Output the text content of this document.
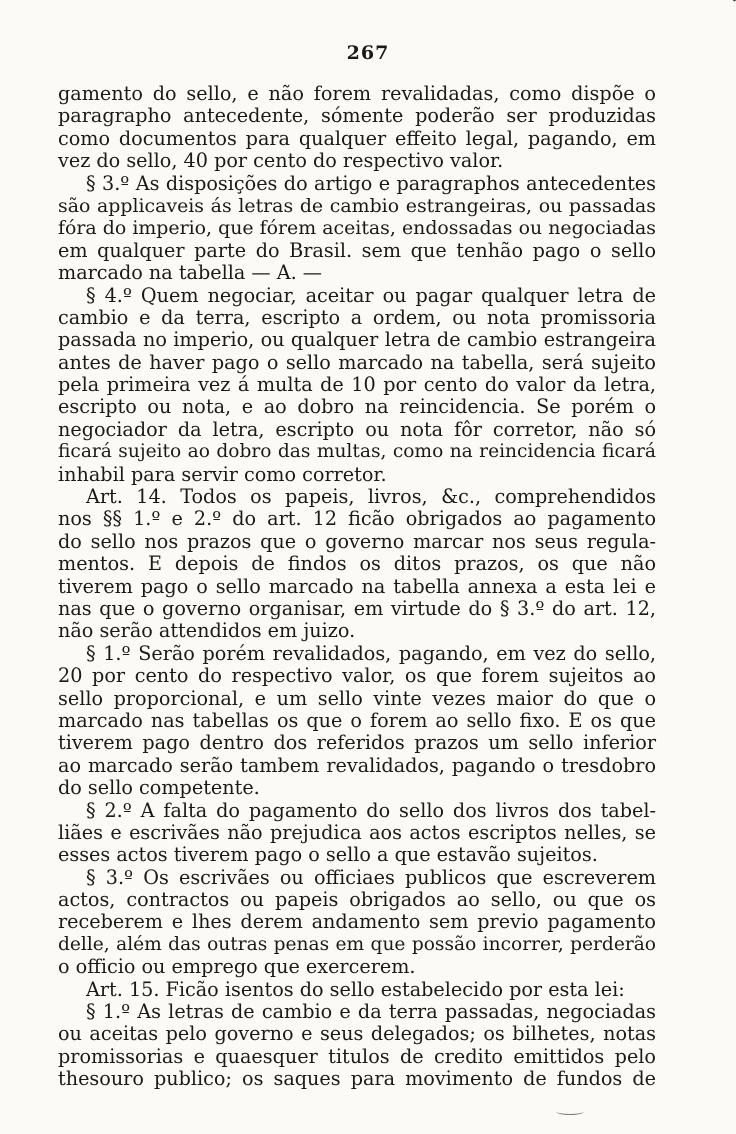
267
gamento do sello, e não forem revalidadas, como dispõe o
paragrapho antecedente, sómente poderão ser produzidas
como documentos para qualquer effeito legal, pagando, em
vez do sello, 40 por cento do respectivo valor.
§ 3.º As disposições do artigo e paragraphos antecedentes
são applicaveis ás letras de cambio estrangeiras, ou passadas
fóra do imperio, que fórem aceitas, endossadas ou negociadas
em qualquer parte do Brasil. sem que tenhão pago o sello
marcado na tabella — A. —
§ 4.º Quem negociar, aceitar ou pagar qualquer letra de
cambio e da terra, escripto a ordem, ou nota promissoria
passada no imperio, ou qualquer letra de cambio estrangeira
antes de haver pago o sello marcado na tabella, será sujeito
pela primeira vez á multa de 10 por cento do valor da letra,
escripto ou nota, e ao dobro na reincidencia. Se porém o
negociador da letra, escripto ou nota fôr corretor, não só
ficará sujeito ao dobro das multas, como na reincidencia ficará
inhabil para servir como corretor.
Art. 14. Todos os papeis, livros, &c., comprehendidos
nos §§ 1.º e 2.º do art. 12 ficão obrigados ao pagamento
do sello nos prazos que o governo marcar nos seus regula-
mentos. E depois de findos os ditos prazos, os que não
tiverem pago o sello marcado na tabella annexa a esta lei e
nas que o governo organisar, em virtude do § 3.º do art. 12,
não serão attendidos em juizo.
§ 1.º Serão porém revalidados, pagando, em vez do sello,
20 por cento do respectivo valor, os que forem sujeitos ao
sello proporcional, e um sello vinte vezes maior do que o
marcado nas tabellas os que o forem ao sello fixo. E os que
tiverem pago dentro dos referidos prazos um sello inferior
ao marcado serão tambem revalidados, pagando o tresdobro
do sello competente.
§ 2.º A falta do pagamento do sello dos livros dos tabel-
liães e escrivães não prejudica aos actos escriptos nelles, se
esses actos tiverem pago o sello a que estavão sujeitos.
§ 3.º Os escrivães ou officiaes publicos que escreverem
actos, contractos ou papeis obrigados ao sello, ou que os
receberem e lhes derem andamento sem previo pagamento
delle, além das outras penas em que possão incorrer, perderão
o officio ou emprego que exercerem.
Art. 15. Ficão isentos do sello estabelecido por esta lei:
§ 1.º As letras de cambio e da terra passadas, negociadas
ou aceitas pelo governo e seus delegados; os bilhetes, notas
promissorias e quaesquer titulos de credito emittidos pelo
thesouro publico; os saques para movimento de fundos de
